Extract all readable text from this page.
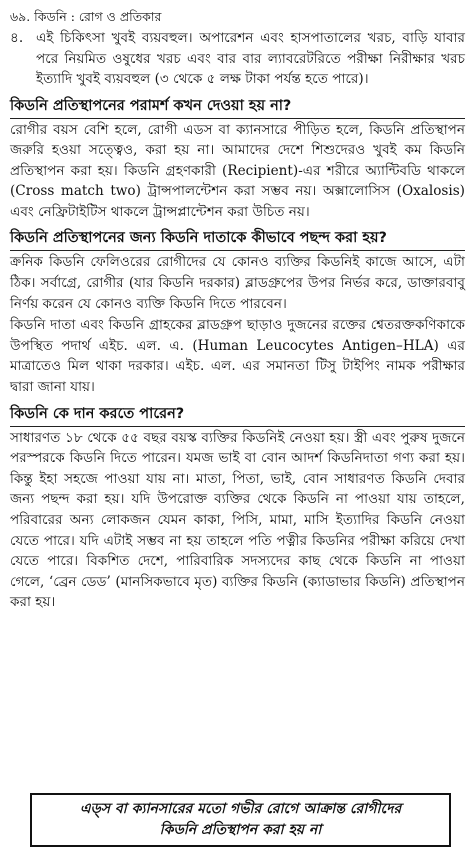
৬৯. কিডনি : রোগ ও প্রতিকার
৪. এই চিকিৎসা খুবই ব্যয়বহুল। অপারেশন এবং হাসপাতালের খরচ, বাড়ি যাবার পরে নিয়মিত ওষুধের খরচ এবং বার বার ল্যাবরেটরিতে পরীক্ষা নিরীক্ষার খরচ ইত্যাদি খুবই ব্যয়বহুল (৩ থেকে ৫ লক্ষ টাকা পর্যন্ত হতে পারে)।
কিডনি প্রতিস্থাপনের পরামর্শ কখন দেওয়া হয় না?

রোগীর বয়স বেশি হলে, রোগী এডস বা ক্যানসারে পীড়িত হলে, কিডনি প্রতিস্থাপন জরুরি হওয়া সত্ত্বেও, করা হয় না। আমাদের দেশে শিশুদেরও খুবই কম কিডনি প্রতিস্থাপন করা হয়। কিডনি গ্রহণকারী (Recipient)-এর শরীরে অ্যান্টিবডি থাকলে (Cross match two) ট্রান্সপালন্টেশন করা সম্ভব নয়। অক্সালোসিস (Oxalosis) এবং নেফ্রিটাইটিস থাকলে ট্রান্সপ্লান্টেশন করা উচিত নয়।

কিডনি প্রতিস্থাপনের জন্য কিডনি দাতাকে কীভাবে পছন্দ করা হয়?

ক্রনিক কিডনি ফেলিওরের রোগীদের যে কোনও ব্যক্তির কিডনিই কাজে আসে, এটা ঠিক। সর্বাগ্রে, রোগীর (যার কিডনি দরকার) ব্লাডগ্রুপের উপর নির্ভর করে, ডাক্তারবাবু নির্ণয় করেন যে কোনও ব্যক্তি কিডনি দিতে পারবেন।

কিডনি দাতা এবং কিডনি গ্রাহকের ব্লাডগ্রুপ ছাড়াও দুজনের রক্তের শ্বেতরক্তকণিকাকে উপস্থিত পদার্থ এইচ. এল. এ. (Human Leucocytes Antigen–HLA) এর মাত্রাতেও মিল থাকা দরকার। এইচ. এল. এর সমানতা টিসু টাইপিং নামক পরীক্ষার দ্বারা জানা যায়।

কিডনি কে দান করতে পারেন?

সাধারণত ১৮ থেকে ৫৫ বছর বয়স্ক ব্যক্তির কিডনিই নেওয়া হয়। স্ত্রী এবং পুরুষ দুজনে পরস্পরকে কিডনি দিতে পারেন। যমজ ভাই বা বোন আদর্শ কিডনিদাতা গণ্য করা হয়। কিন্তু ইহা সহজে পাওয়া যায় না। মাতা, পিতা, ভাই, বোন সাধারণত কিডনি দেবার জন্য পছন্দ করা হয়। যদি উপরোক্ত ব্যক্তির থেকে কিডনি না পাওয়া যায় তাহলে, পরিবারের অন্য লোকজন যেমন কাকা, পিসি, মামা, মাসি ইত্যাদির কিডনি নেওয়া যেতে পারে। যদি এটাই সম্ভব না হয় তাহলে পতি পত্নীর কিডনির পরীক্ষা করিয়ে দেখা যেতে পারে। বিকশিত দেশে, পারিবারিক সদস্যদের কাছ থেকে কিডনি না পাওয়া গেলে, ‘ব্রেন ডেড’ (মানসিকভাবে মৃত) ব্যক্তির কিডনি (ক্যাডাভার কিডনি) প্রতিস্থাপন করা হয়।

এড্স বা ক্যানসারের মতো গভীর রোগে আক্রান্ত রোগীদের
কিডনি প্রতিস্থাপন করা হয় না
